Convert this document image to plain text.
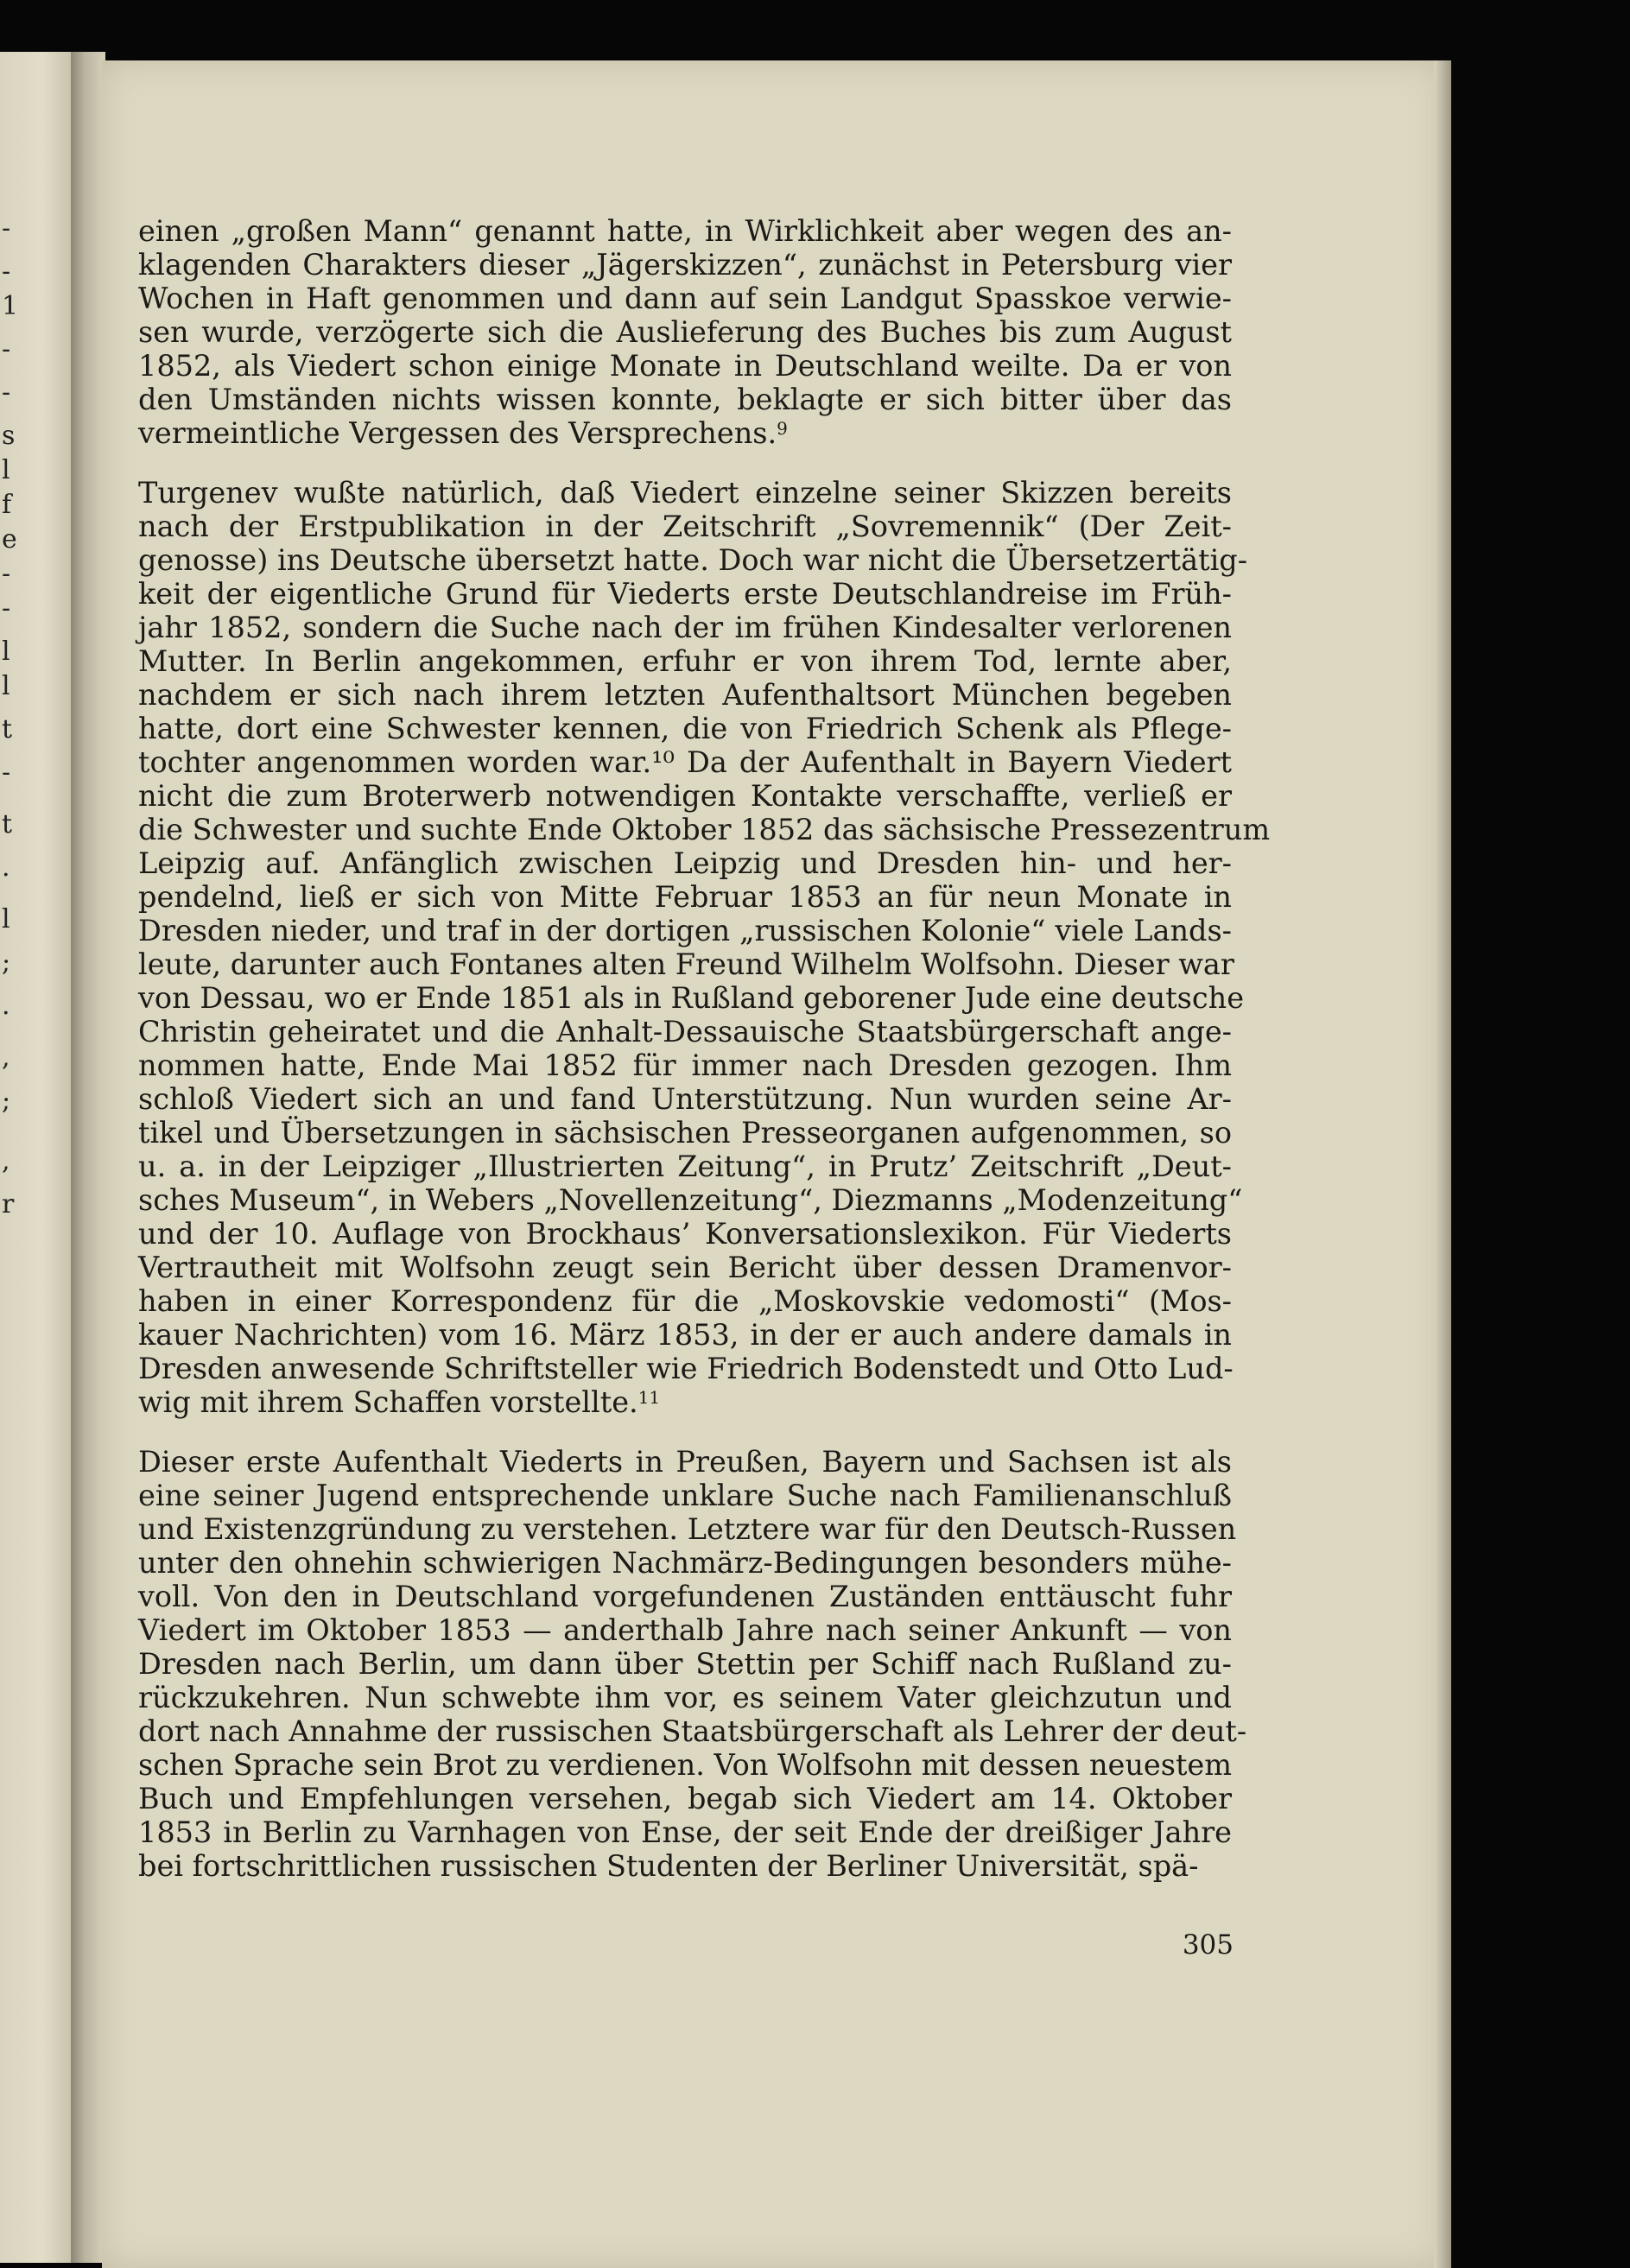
-
-
1
-
-
s
l
f
e
-
-
l
l
t
-
t
.
l
;
.
,
;
,
r
einen „großen Mann“ genannt hatte, in Wirklichkeit aber wegen des an-
klagenden Charakters dieser „Jägerskizzen“, zunächst in Petersburg vier
Wochen in Haft genommen und dann auf sein Landgut Spasskoe verwie-
sen wurde, verzögerte sich die Auslieferung des Buches bis zum August
1852, als Viedert schon einige Monate in Deutschland weilte. Da er von
den Umständen nichts wissen konnte, beklagte er sich bitter über das
vermeintliche Vergessen des Versprechens.$^9$
Turgenev wußte natürlich, daß Viedert einzelne seiner Skizzen bereits
nach der Erstpublikation in der Zeitschrift „Sovremennik“ (Der Zeit-
genosse) ins Deutsche übersetzt hatte. Doch war nicht die Übersetzertätig-
keit der eigentliche Grund für Viederts erste Deutschlandreise im Früh-
jahr 1852, sondern die Suche nach der im frühen Kindesalter verlorenen
Mutter. In Berlin angekommen, erfuhr er von ihrem Tod, lernte aber,
nachdem er sich nach ihrem letzten Aufenthaltsort München begeben
hatte, dort eine Schwester kennen, die von Friedrich Schenk als Pflege-
tochter angenommen worden war.¹⁰ Da der Aufenthalt in Bayern Viedert
nicht die zum Broterwerb notwendigen Kontakte verschaffte, verließ er
die Schwester und suchte Ende Oktober 1852 das sächsische Pressezentrum
Leipzig auf. Anfänglich zwischen Leipzig und Dresden hin- und her-
pendelnd, ließ er sich von Mitte Februar 1853 an für neun Monate in
Dresden nieder, und traf in der dortigen „russischen Kolonie“ viele Lands-
leute, darunter auch Fontanes alten Freund Wilhelm Wolfsohn. Dieser war
von Dessau, wo er Ende 1851 als in Rußland geborener Jude eine deutsche
Christin geheiratet und die Anhalt-Dessauische Staatsbürgerschaft ange-
nommen hatte, Ende Mai 1852 für immer nach Dresden gezogen. Ihm
schloß Viedert sich an und fand Unterstützung. Nun wurden seine Ar-
tikel und Übersetzungen in sächsischen Presseorganen aufgenommen, so
u. a. in der Leipziger „Illustrierten Zeitung“, in Prutz’ Zeitschrift „Deut-
sches Museum“, in Webers „Novellenzeitung“, Diezmanns „Modenzeitung“
und der 10. Auflage von Brockhaus’ Konversationslexikon. Für Viederts
Vertrautheit mit Wolfsohn zeugt sein Bericht über dessen Dramenvor-
haben in einer Korrespondenz für die „Moskovskie vedomosti“ (Mos-
kauer Nachrichten) vom 16. März 1853, in der er auch andere damals in
Dresden anwesende Schriftsteller wie Friedrich Bodenstedt und Otto Lud-
wig mit ihrem Schaffen vorstellte.$^{11}$
Dieser erste Aufenthalt Viederts in Preußen, Bayern und Sachsen ist als
eine seiner Jugend entsprechende unklare Suche nach Familienanschluß
und Existenzgründung zu verstehen. Letztere war für den Deutsch-Russen
unter den ohnehin schwierigen Nachmärz-Bedingungen besonders mühe-
voll. Von den in Deutschland vorgefundenen Zuständen enttäuscht fuhr
Viedert im Oktober 1853 — anderthalb Jahre nach seiner Ankunft — von
Dresden nach Berlin, um dann über Stettin per Schiff nach Rußland zu-
rückzukehren. Nun schwebte ihm vor, es seinem Vater gleichzutun und
dort nach Annahme der russischen Staatsbürgerschaft als Lehrer der deut-
schen Sprache sein Brot zu verdienen. Von Wolfsohn mit dessen neuestem
Buch und Empfehlungen versehen, begab sich Viedert am 14. Oktober
1853 in Berlin zu Varnhagen von Ense, der seit Ende der dreißiger Jahre
bei fortschrittlichen russischen Studenten der Berliner Universität, spä-
305
